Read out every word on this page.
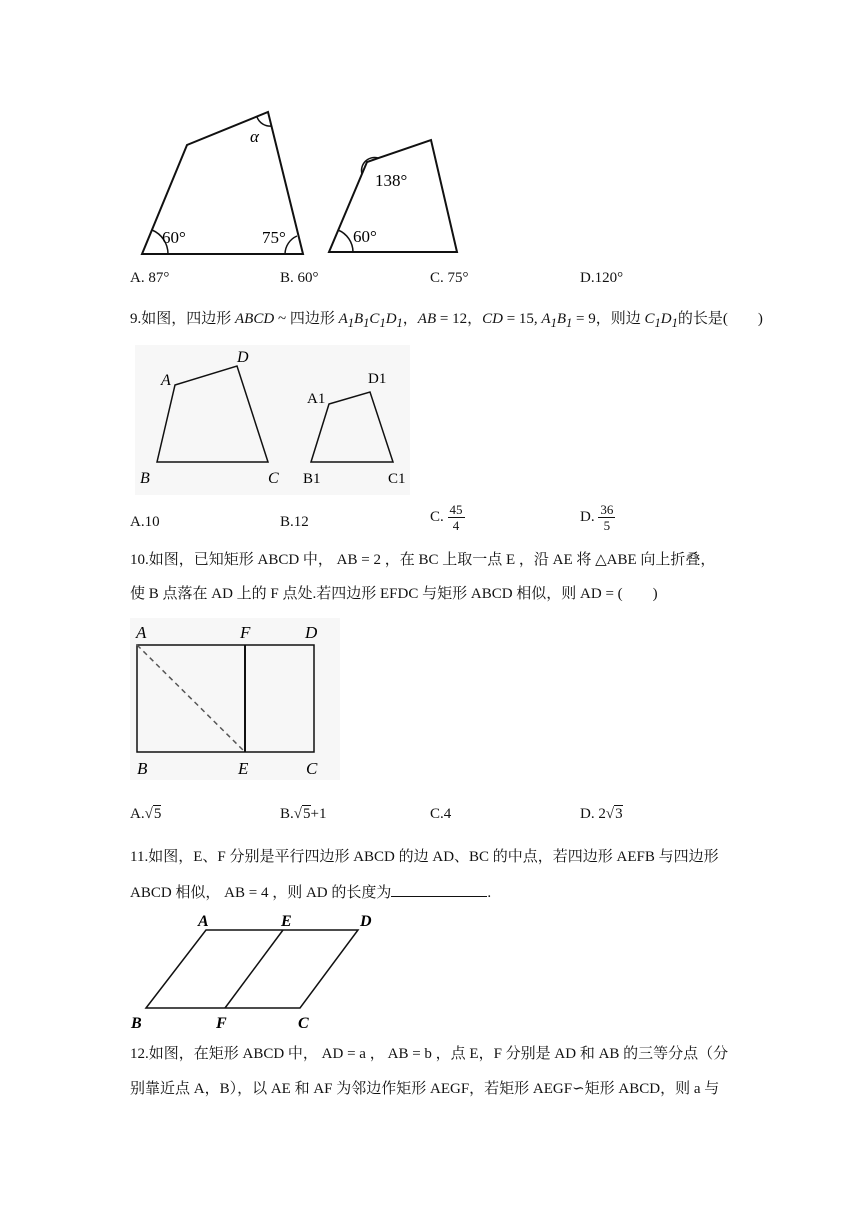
α
60°	75°
138°
60°
A. 87°	B. 60°	C. 75°	D.120°
9.如图，四边形 ABCD ~ 四边形 $A_1B_1C_1D_1$，AB = 12，CD = 15, $A_1B_1 = 9$，则边 $C_1D_1$的长是(　　)
A
D
B	C
A1
D1
B1	C1
A.10	B.12	C. $\frac{45}{4}$	D. $\frac{36}{5}$
10.如图，已知矩形 ABCD 中， AB = 2 ，在 BC 上取一点 E ，沿 AE 将 △ABE 向上折叠，
使 B 点落在 AD 上的 F 点处.若四边形 EFDC 与矩形 ABCD 相似，则 AD = (　　)
A	F	D
B	E	C
A.√5	B.√5+1	C.4	D. 2√3
11.如图，E、F 分别是平行四边形 ABCD 的边 AD、BC 的中点，若四边形 AEFB 与四边形
ABCD 相似， AB = 4 ，则 AD 的长度为	.
A	E	D
B	F	C
12.如图，在矩形 ABCD 中， AD = a ， AB = b ，点 E，F 分别是 AD 和 AB 的三等分点（分
别靠近点 A，B），以 AE 和 AF 为邻边作矩形 AEGF，若矩形 AEGF∽矩形 ABCD，则 a 与
